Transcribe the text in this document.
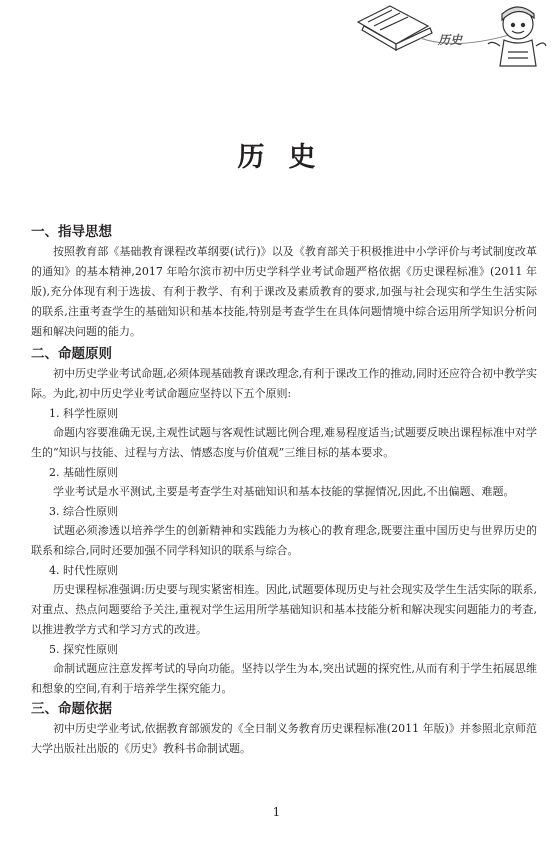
历史
历史
一、指导思想

按照教育部《基础教育课程改革纲要(试行)》以及《教育部关于积极推进中小学评价与考试制度改革的通知》的基本精神,2017 年哈尔滨市初中历史学科学业考试命题严格依据《历史课程标准》(2011 年版),充分体现有利于选拔、有利于教学、有利于课改及素质教育的要求,加强与社会现实和学生生活实际的联系,注重考查学生的基础知识和基本技能,特别是考查学生在具体问题情境中综合运用所学知识分析问题和解决问题的能力。

二、命题原则

初中历史学业考试命题,必须体现基础教育课改理念,有利于课改工作的推动,同时还应符合初中教学实际。为此,初中历史学业考试命题应坚持以下五个原则:

1. 科学性原则

命题内容要准确无误,主观性试题与客观性试题比例合理,难易程度适当;试题要反映出课程标准中对学生的“知识与技能、过程与方法、情感态度与价值观”三维目标的基本要求。

2. 基础性原则

学业考试是水平测试,主要是考查学生对基础知识和基本技能的掌握情况,因此,不出偏题、难题。

3. 综合性原则

试题必须渗透以培养学生的创新精神和实践能力为核心的教育理念,既要注重中国历史与世界历史的联系和综合,同时还要加强不同学科知识的联系与综合。

4. 时代性原则

历史课程标准强调:历史要与现实紧密相连。因此,试题要体现历史与社会现实及学生生活实际的联系,对重点、热点问题要给予关注,重视对学生运用所学基础知识和基本技能分析和解决现实问题能力的考查,以推进教学方式和学习方式的改进。

5. 探究性原则

命制试题应注意发挥考试的导向功能。坚持以学生为本,突出试题的探究性,从而有利于学生拓展思维和想象的空间,有利于培养学生探究能力。

三、命题依据

初中历史学业考试,依据教育部颁发的《全日制义务教育历史课程标准(2011 年版)》并参照北京师范大学出版社出版的《历史》教科书命制试题。

1
